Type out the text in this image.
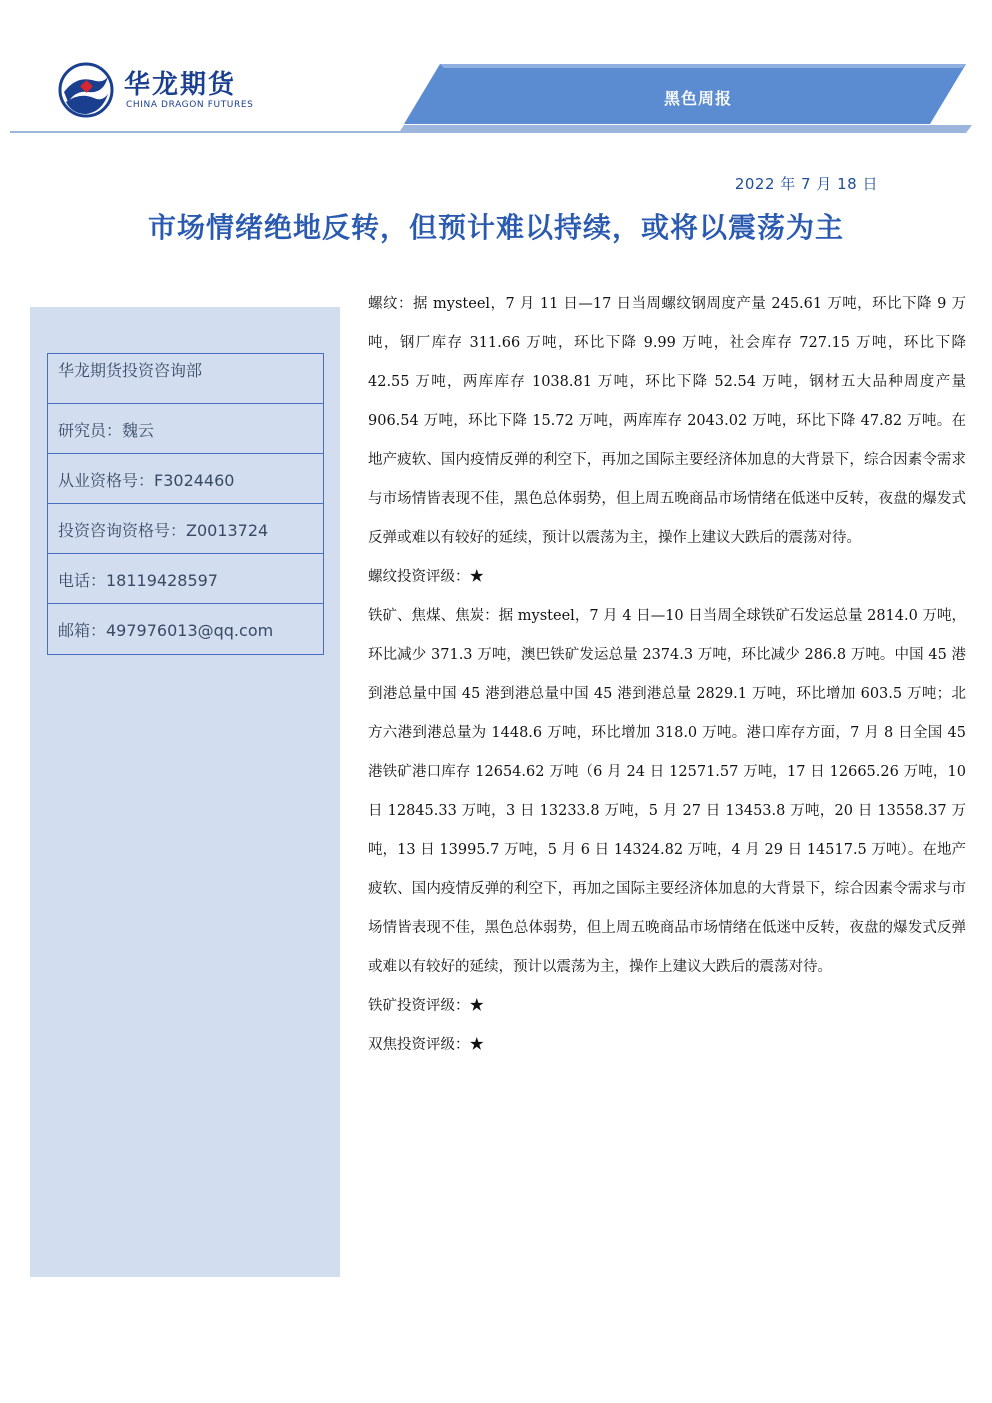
华龙期货
CHINA DRAGON FUTURES	黑色周报
2022 年 7 月 18 日
市场情绪绝地反转，但预计难以持续，或将以震荡为主
华龙期货投资咨询部
研究员：魏云
从业资格号：F3024460
投资咨询资格号：Z0013724
电话：18119428597
邮箱：497976013@qq.com

螺纹：据 mysteel，7 月 11 日—17 日当周螺纹钢周度产量 245.61 万吨，环比下降 9 万吨，钢厂库存 311.66 万吨，环比下降 9.99 万吨，社会库存 727.15 万吨，环比下降 42.55 万吨，两库库存 1038.81 万吨，环比下降 52.54 万吨，钢材五大品种周度产量 906.54 万吨，环比下降 15.72 万吨，两库库存 2043.02 万吨，环比下降 47.82 万吨。在地产疲软、国内疫情反弹的利空下，再加之国际主要经济体加息的大背景下，综合因素令需求与市场情皆表现不佳，黑色总体弱势，但上周五晚商品市场情绪在低迷中反转，夜盘的爆发式反弹或难以有较好的延续，预计以震荡为主，操作上建议大跌后的震荡对待。

螺纹投资评级：★

铁矿、焦煤、焦炭：据 mysteel，7 月 4 日—10 日当周全球铁矿石发运总量 2814.0 万吨，环比减少 371.3 万吨，澳巴铁矿发运总量 2374.3 万吨，环比减少 286.8 万吨。中国 45 港到港总量中国 45 港到港总量中国 45 港到港总量 2829.1 万吨，环比增加 603.5 万吨；北方六港到港总量为 1448.6 万吨，环比增加 318.0 万吨。港口库存方面，7 月 8 日全国 45 港铁矿港口库存 12654.62 万吨（6 月 24 日 12571.57 万吨，17 日 12665.26 万吨，10 日 12845.33 万吨，3 日 13233.8 万吨，5 月 27 日 13453.8 万吨，20 日 13558.37 万吨，13 日 13995.7 万吨，5 月 6 日 14324.82 万吨，4 月 29 日 14517.5 万吨）。在地产疲软、国内疫情反弹的利空下，再加之国际主要经济体加息的大背景下，综合因素令需求与市场情皆表现不佳，黑色总体弱势，但上周五晚商品市场情绪在低迷中反转，夜盘的爆发式反弹或难以有较好的延续，预计以震荡为主，操作上建议大跌后的震荡对待。

铁矿投资评级：★

双焦投资评级：★
